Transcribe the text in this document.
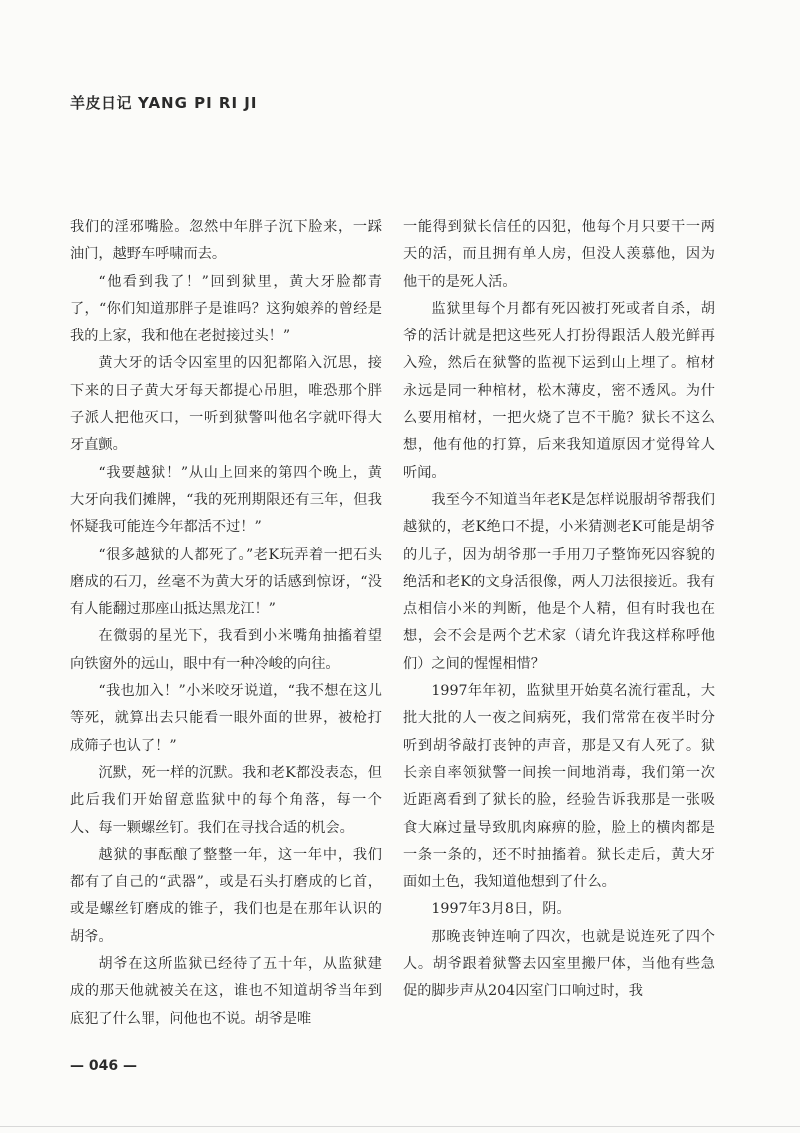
羊皮日记 YANG PI RI JI

我们的淫邪嘴脸。忽然中年胖子沉下脸来，一踩油门，越野车呼啸而去。

“他看到我了！”回到狱里，黄大牙脸都青了，“你们知道那胖子是谁吗？这狗娘养的曾经是我的上家，我和他在老挝接过头！”

黄大牙的话令囚室里的囚犯都陷入沉思，接下来的日子黄大牙每天都提心吊胆，唯恐那个胖子派人把他灭口，一听到狱警叫他名字就吓得大牙直颤。

“我要越狱！”从山上回来的第四个晚上，黄大牙向我们摊牌，“我的死刑期限还有三年，但我怀疑我可能连今年都活不过！”

“很多越狱的人都死了。”老K玩弄着一把石头磨成的石刀，丝毫不为黄大牙的话感到惊讶，“没有人能翻过那座山抵达黑龙江！”

在微弱的星光下，我看到小米嘴角抽搐着望向铁窗外的远山，眼中有一种冷峻的向往。

“我也加入！”小米咬牙说道，“我不想在这儿等死，就算出去只能看一眼外面的世界，被枪打成筛子也认了！”

沉默，死一样的沉默。我和老K都没表态，但此后我们开始留意监狱中的每个角落，每一个人、每一颗螺丝钉。我们在寻找合适的机会。

越狱的事酝酿了整整一年，这一年中，我们都有了自己的“武器”，或是石头打磨成的匕首，或是螺丝钉磨成的锥子，我们也是在那年认识的胡爷。

胡爷在这所监狱已经待了五十年，从监狱建成的那天他就被关在这，谁也不知道胡爷当年到底犯了什么罪，问他也不说。胡爷是唯

一能得到狱长信任的囚犯，他每个月只要干一两天的活，而且拥有单人房，但没人羡慕他，因为他干的是死人活。

监狱里每个月都有死囚被打死或者自杀，胡爷的活计就是把这些死人打扮得跟活人般光鲜再入殓，然后在狱警的监视下运到山上埋了。棺材永远是同一种棺材，松木薄皮，密不透风。为什么要用棺材，一把火烧了岂不干脆？狱长不这么想，他有他的打算，后来我知道原因才觉得耸人听闻。

我至今不知道当年老K是怎样说服胡爷帮我们越狱的，老K绝口不提，小米猜测老K可能是胡爷的儿子，因为胡爷那一手用刀子整饰死囚容貌的绝活和老K的文身活很像，两人刀法很接近。我有点相信小米的判断，他是个人精，但有时我也在想，会不会是两个艺术家（请允许我这样称呼他们）之间的惺惺相惜？

1997年年初，监狱里开始莫名流行霍乱，大批大批的人一夜之间病死，我们常常在夜半时分听到胡爷敲打丧钟的声音，那是又有人死了。狱长亲自率领狱警一间挨一间地消毒，我们第一次近距离看到了狱长的脸，经验告诉我那是一张吸食大麻过量导致肌肉麻痹的脸，脸上的横肉都是一条一条的，还不时抽搐着。狱长走后，黄大牙面如土色，我知道他想到了什么。

1997年3月8日，阴。

那晚丧钟连响了四次，也就是说连死了四个人。胡爷跟着狱警去囚室里搬尸体，当他有些急促的脚步声从204囚室门口响过时，我

— 046 —
